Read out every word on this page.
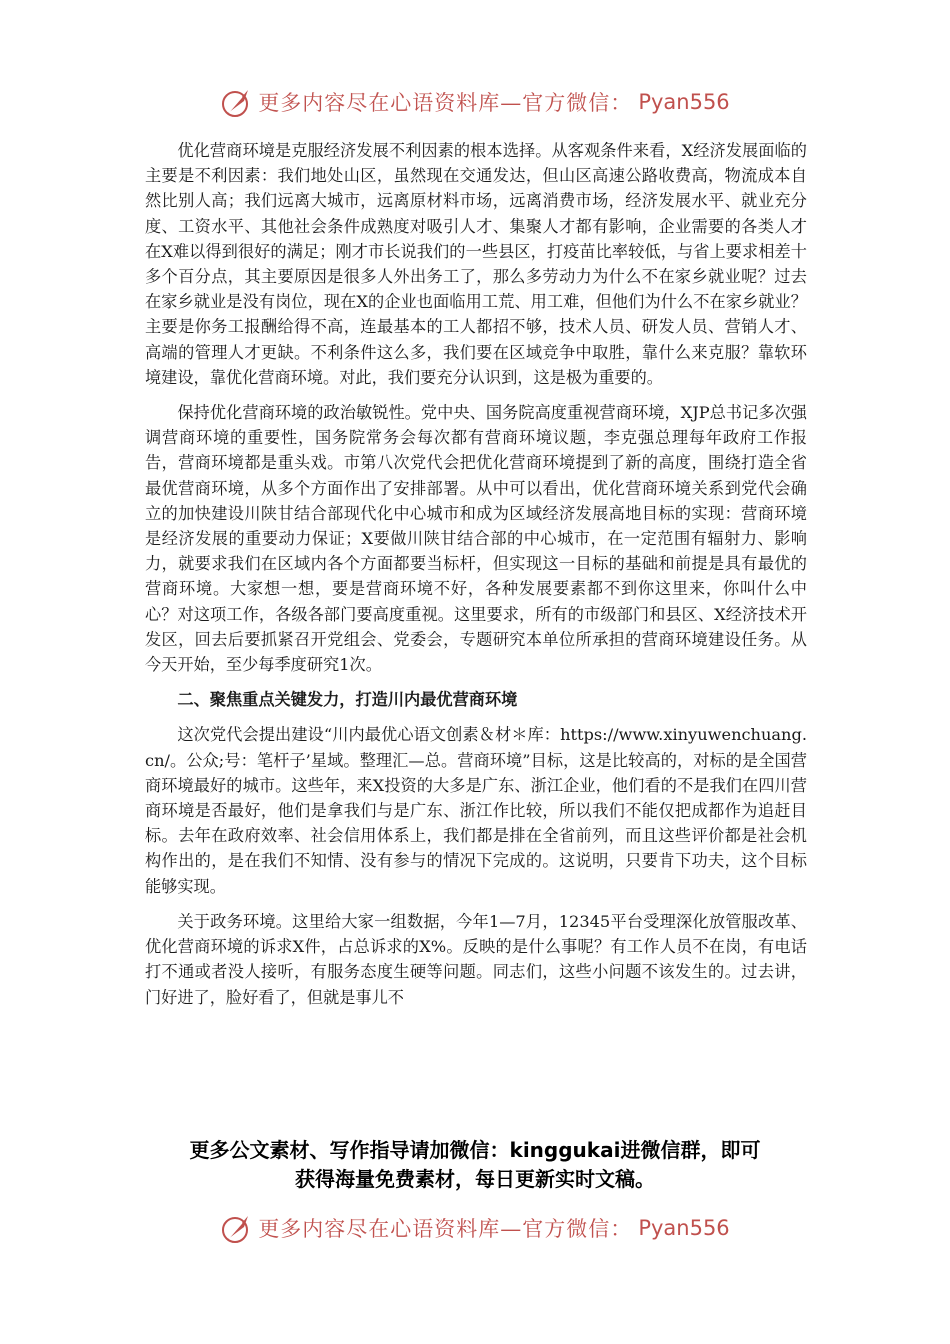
更多内容尽在心语资料库—官方微信： Pyan556

优化营商环境是克服经济发展不利因素的根本选择。从客观条件来看，X经济发展面临的主要是不利因素：我们地处山区，虽然现在交通发达，但山区高速公路收费高，物流成本自然比别人高；我们远离大城市，远离原材料市场，远离消费市场，经济发展水平、就业充分度、工资水平、其他社会条件成熟度对吸引人才、集聚人才都有影响，企业需要的各类人才在X难以得到很好的满足；刚才市长说我们的一些县区，打疫苗比率较低，与省上要求相差十多个百分点，其主要原因是很多人外出务工了，那么多劳动力为什么不在家乡就业呢？过去在家乡就业是没有岗位，现在X的企业也面临用工荒、用工难，但他们为什么不在家乡就业？主要是你务工报酬给得不高，连最基本的工人都招不够，技术人员、研发人员、营销人才、高端的管理人才更缺。不利条件这么多，我们要在区域竞争中取胜，靠什么来克服？靠软环境建设，靠优化营商环境。对此，我们要充分认识到，这是极为重要的。

保持优化营商环境的政治敏锐性。党中央、国务院高度重视营商环境，XJP总书记多次强调营商环境的重要性，国务院常务会每次都有营商环境议题，李克强总理每年政府工作报告，营商环境都是重头戏。市第八次党代会把优化营商环境提到了新的高度，围绕打造全省最优营商环境，从多个方面作出了安排部署。从中可以看出，优化营商环境关系到党代会确立的加快建设川陕甘结合部现代化中心城市和成为区域经济发展高地目标的实现：营商环境是经济发展的重要动力保证；X要做川陕甘结合部的中心城市，在一定范围有辐射力、影响力，就要求我们在区域内各个方面都要当标杆，但实现这一目标的基础和前提是具有最优的营商环境。大家想一想，要是营商环境不好，各种发展要素都不到你这里来，你叫什么中心？对这项工作，各级各部门要高度重视。这里要求，所有的市级部门和县区、X经济技术开发区，回去后要抓紧召开党组会、党委会，专题研究本单位所承担的营商环境建设任务。从今天开始，至少每季度研究1次。

二、聚焦重点关键发力，打造川内最优营商环境

这次党代会提出建设“川内最优心语文创素＆材＊库：https://www.xinyuwenchuang.cn/。公众;号：笔杆子’星域。整理汇—总。营商环境”目标，这是比较高的，对标的是全国营商环境最好的城市。这些年，来X投资的大多是广东、浙江企业，他们看的不是我们在四川营商环境是否最好，他们是拿我们与是广东、浙江作比较，所以我们不能仅把成都作为追赶目标。去年在政府效率、社会信用体系上，我们都是排在全省前列，而且这些评价都是社会机构作出的，是在我们不知情、没有参与的情况下完成的。这说明，只要肯下功夫，这个目标能够实现。

关于政务环境。这里给大家一组数据，今年1—7月，12345平台受理深化放管服改革、优化营商环境的诉求X件，占总诉求的X%。反映的是什么事呢？有工作人员不在岗，有电话打不通或者没人接听，有服务态度生硬等问题。同志们，这些小问题不该发生的。过去讲，门好进了，脸好看了，但就是事儿不

更多公文素材、写作指导请加微信：kinggukai进微信群，即可
获得海量免费素材，每日更新实时文稿。
更多内容尽在心语资料库—官方微信： Pyan556
